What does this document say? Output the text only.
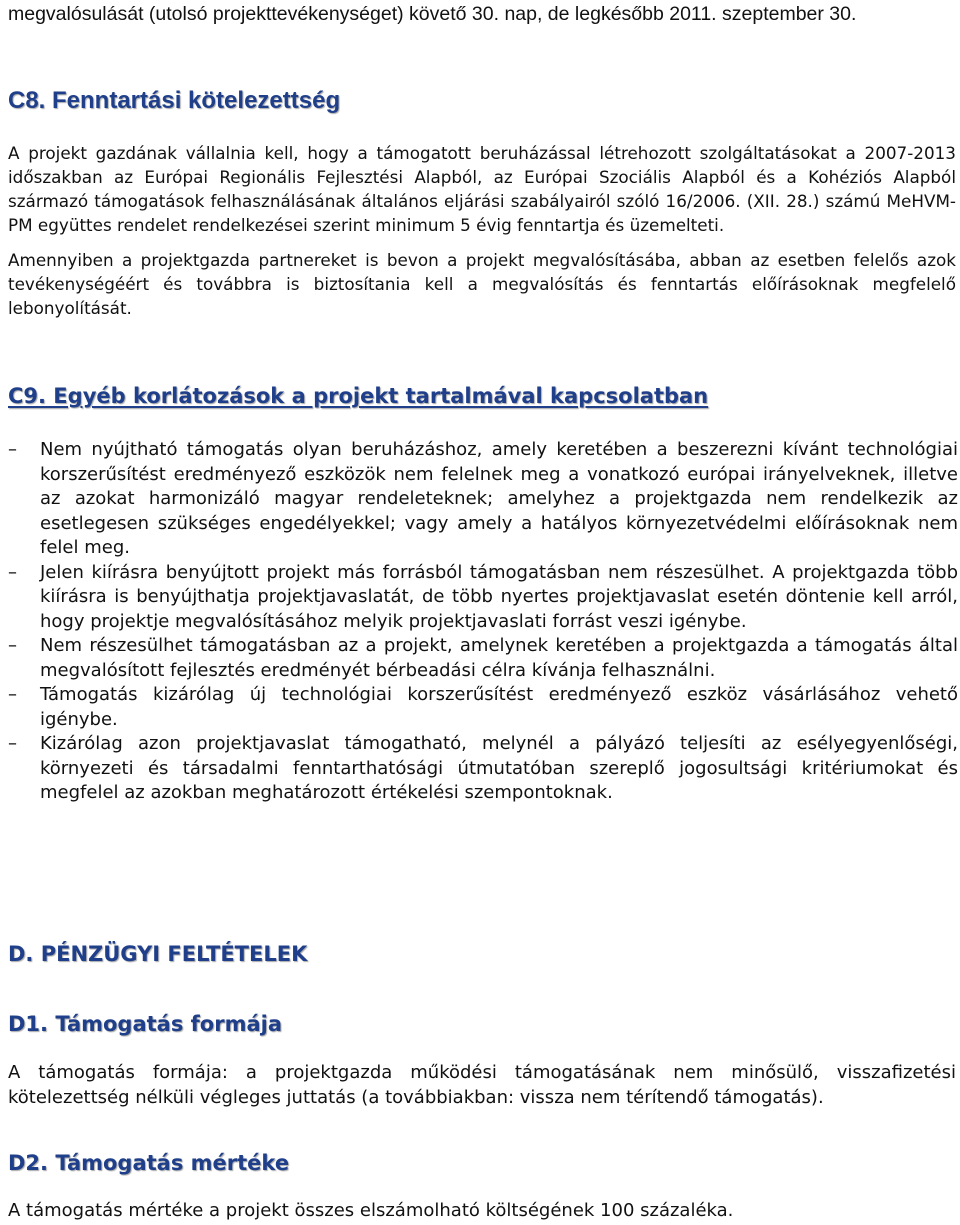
megvalósulását (utolsó projekttevékenységet) követő 30. nap, de legkésőbb 2011. szeptember 30.

C8. Fenntartási kötelezettség

A projekt gazdának vállalnia kell, hogy a támogatott beruházással létrehozott szolgáltatásokat a 2007-2013 időszakban az Európai Regionális Fejlesztési Alapból, az Európai Szociális Alapból és a Kohéziós Alapból származó támogatások felhasználásának általános eljárási szabályairól szóló 16/2006. (XII. 28.) számú MeHVM-PM együttes rendelet rendelkezései szerint minimum 5 évig fenntartja és üzemelteti.

Amennyiben a projektgazda partnereket is bevon a projekt megvalósításába, abban az esetben felelős azok tevékenységéért és továbbra is biztosítania kell a megvalósítás és fenntartás előírásoknak megfelelő lebonyolítását.

C9. Egyéb korlátozások a projekt tartalmával kapcsolatban
–	Nem nyújtható támogatás olyan beruházáshoz, amely keretében a beszerezni kívánt technológiai korszerűsítést eredményező eszközök nem felelnek meg a vonatkozó európai irányelveknek, illetve az azokat harmonizáló magyar rendeleteknek; amelyhez a projektgazda nem rendelkezik az esetlegesen szükséges engedélyekkel; vagy amely a hatályos környezetvédelmi előírásoknak nem felel meg.
–	Jelen kiírásra benyújtott projekt más forrásból támogatásban nem részesülhet. A projektgazda több kiírásra is benyújthatja projektjavaslatát, de több nyertes projektjavaslat esetén döntenie kell arról, hogy projektje megvalósításához melyik projektjavaslati forrást veszi igénybe.
–	Nem részesülhet támogatásban az a projekt, amelynek keretében a projektgazda a támogatás által megvalósított fejlesztés eredményét bérbeadási célra kívánja felhasználni.
–	Támogatás kizárólag új technológiai korszerűsítést eredményező eszköz vásárlásához vehető igénybe.
–	Kizárólag azon projektjavaslat támogatható, melynél a pályázó teljesíti az esélyegyenlőségi, környezeti és társadalmi fenntarthatósági útmutatóban szereplő jogosultsági kritériumokat és megfelel az azokban meghatározott értékelési szempontoknak.
D. PÉNZÜGYI FELTÉTELEK
D1. Támogatás formája

A támogatás formája: a projektgazda működési támogatásának nem minősülő, visszafizetési kötelezettség nélküli végleges juttatás (a továbbiakban: vissza nem térítendő támogatás).

D2. Támogatás mértéke

A támogatás mértéke a projekt összes elszámolható költségének 100 százaléka.
